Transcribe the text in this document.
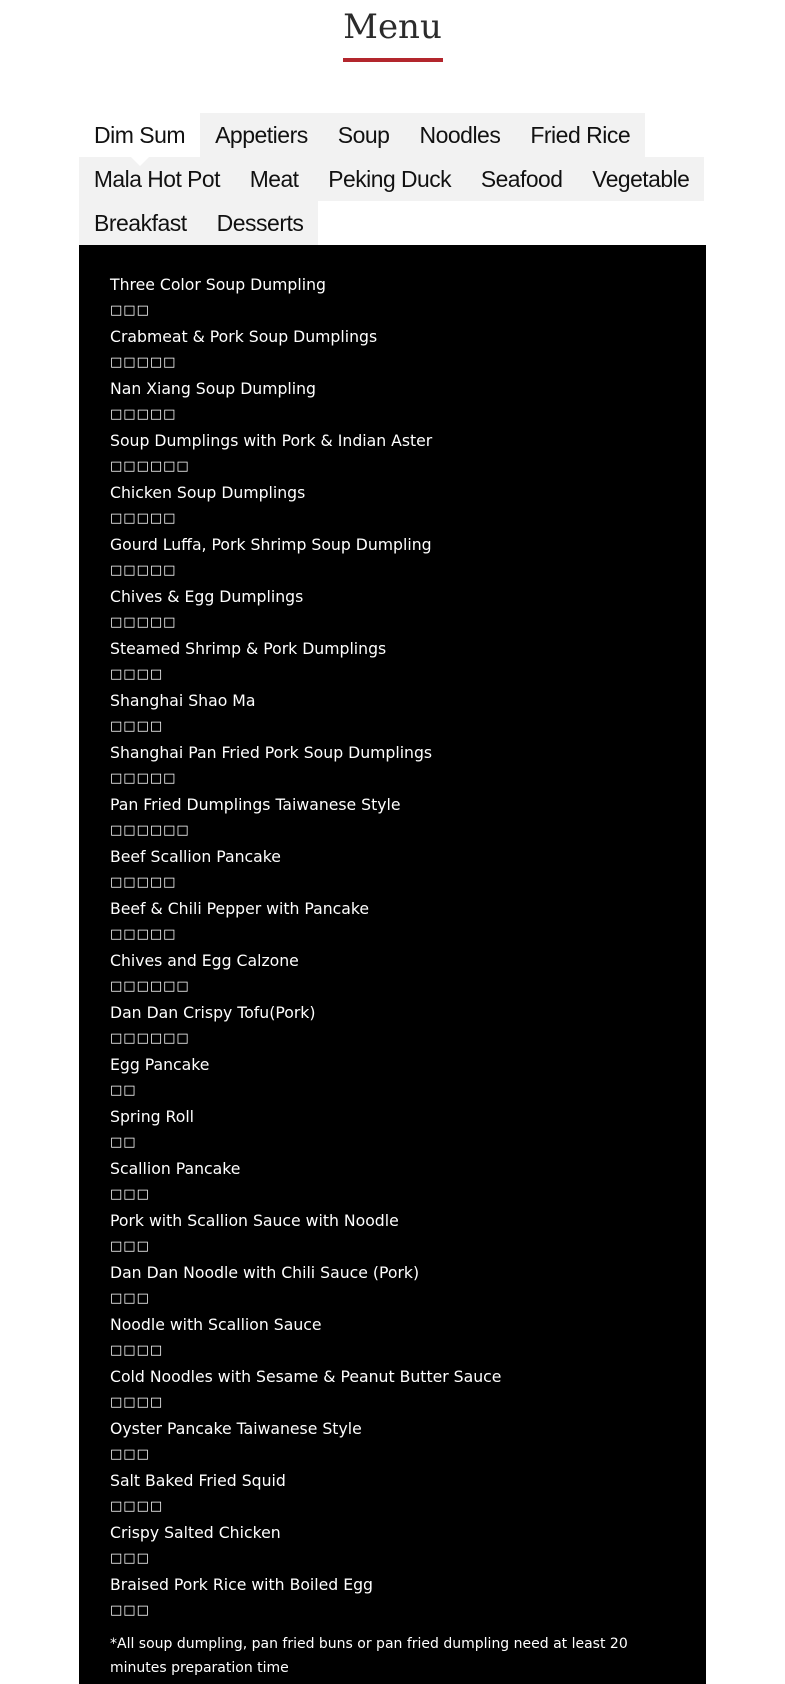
Menu
Dim Sum	Appetiers	Soup	Noodles	Fried Rice
Mala Hot Pot	Meat	Peking Duck	Seafood	Vegetable
Breakfast	Desserts
Three Color Soup Dumpling
□□□
Crabmeat & Pork Soup Dumplings
□□□□□
Nan Xiang Soup Dumpling
□□□□□
Soup Dumplings with Pork & Indian Aster
□□□□□□
Chicken Soup Dumplings
□□□□□
Gourd Luffa, Pork Shrimp Soup Dumpling
□□□□□
Chives & Egg Dumplings
□□□□□
Steamed Shrimp & Pork Dumplings
□□□□
Shanghai Shao Ma
□□□□
Shanghai Pan Fried Pork Soup Dumplings
□□□□□
Pan Fried Dumplings Taiwanese Style
□□□□□□
Beef Scallion Pancake
□□□□□
Beef & Chili Pepper with Pancake
□□□□□
Chives and Egg Calzone
□□□□□□
Dan Dan Crispy Tofu(Pork)
□□□□□□
Egg Pancake
□□
Spring Roll
□□
Scallion Pancake
□□□
Pork with Scallion Sauce with Noodle
□□□
Dan Dan Noodle with Chili Sauce (Pork)
□□□
Noodle with Scallion Sauce
□□□□
Cold Noodles with Sesame & Peanut Butter Sauce
□□□□
Oyster Pancake Taiwanese Style
□□□
Salt Baked Fried Squid
□□□□
Crispy Salted Chicken
□□□
Braised Pork Rice with Boiled Egg
□□□
*All soup dumpling, pan fried buns or pan fried dumpling need at least 20 minutes preparation time
